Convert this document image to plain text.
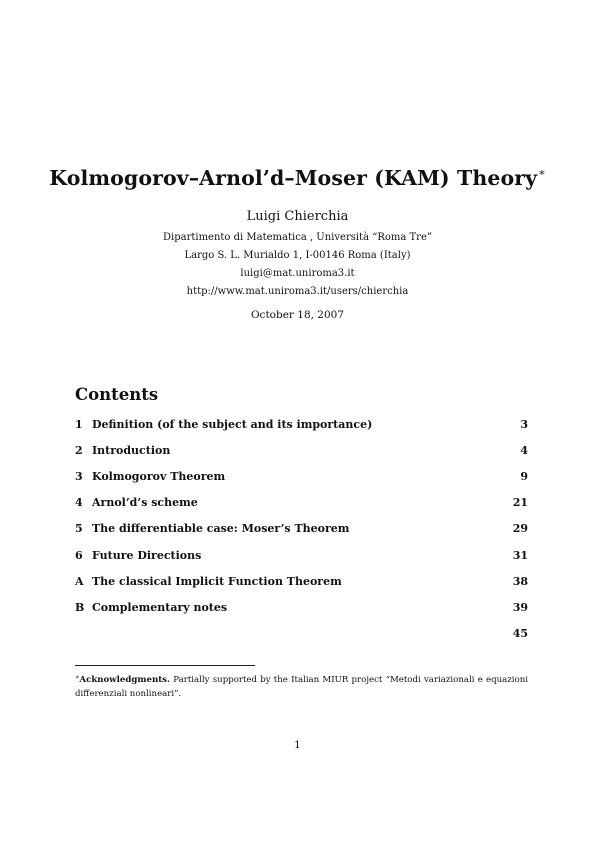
Kolmogorov–Arnol’d–Moser (KAM) Theory∗
Luigi Chierchia
Dipartimento di Matematica , Università “Roma Tre”
Largo S. L. Murialdo 1, I-00146 Roma (Italy)
luigi@mat.uniroma3.it
http://www.mat.uniroma3.it/users/chierchia
October 18, 2007
Contents
1 Definition (of the subject and its importance)	3
2 Introduction	4
3 Kolmogorov Theorem	9
4 Arnol’d’s scheme	21
5 The differentiable case: Moser’s Theorem	29
6 Future Directions	31
A The classical Implicit Function Theorem	38
B Complementary notes	39
45
∗Acknowledgments. Partially supported by the Italian MIUR project “Metodi variazionali e equazioni differenziali nonlineari”.
1
